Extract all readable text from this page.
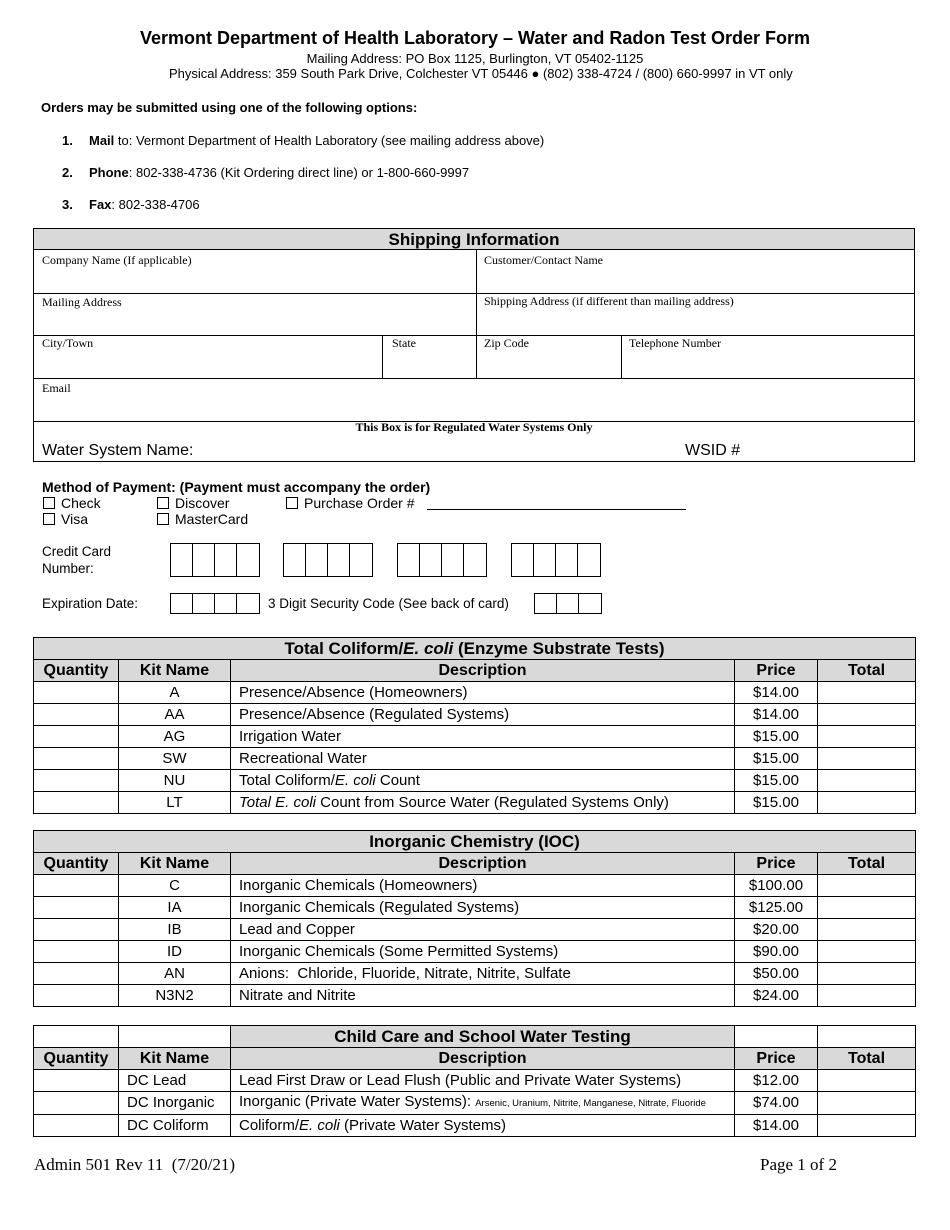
Vermont Department of Health Laboratory – Water and Radon Test Order Form
Mailing Address: PO Box 1125, Burlington, VT 05402-1125
Physical Address: 359 South Park Drive, Colchester VT 05446 ● (802) 338-4724 / (800) 660-9997 in VT only
Orders may be submitted using one of the following options:
1. Mail to: Vermont Department of Health Laboratory (see mailing address above)
2. Phone: 802-338-4736 (Kit Ordering direct line) or 1-800-660-9997
3. Fax: 802-338-4706
Shipping Information
Company Name (If applicable)	Customer/Contact Name
Mailing Address	Shipping Address (if different than mailing address)
City/Town	State	Zip Code	Telephone Number
Email
This Box is for Regulated Water Systems Only
Water System Name:	WSID #
Method of Payment: (Payment must accompany the order)
Check	Discover	Purchase Order #
Visa	MasterCard
Credit Card
Number:
Expiration Date:	3 Digit Security Code (See back of card)
Total Coliform/E. coli (Enzyme Substrate Tests)				
Quantity	Kit Name	Description	Price	Total
	A	Presence/Absence (Homeowners)	$14.00	
	AA	Presence/Absence (Regulated Systems)	$14.00	
	AG	Irrigation Water	$15.00	
	SW	Recreational Water	$15.00	
	NU	Total Coliform/E. coli Count	$15.00	
	LT	Total E. coli Count from Source Water (Regulated Systems Only)	$15.00	
Inorganic Chemistry (IOC)				
Quantity	Kit Name	Description	Price	Total
	C	Inorganic Chemicals (Homeowners)	$100.00	
	IA	Inorganic Chemicals (Regulated Systems)	$125.00	
	IB	Lead and Copper	$20.00	
	ID	Inorganic Chemicals (Some Permitted Systems)	$90.00	
	AN	Anions:  Chloride, Fluoride, Nitrate, Nitrite, Sulfate	$50.00	
	N3N2	Nitrate and Nitrite	$24.00	
		Child Care and School Water Testing		
Quantity	Kit Name	Description	Price	Total
	DC Lead	Lead First Draw or Lead Flush (Public and Private Water Systems)	$12.00	
	DC Inorganic	Inorganic (Private Water Systems): Arsenic, Uranium, Nitrite, Manganese, Nitrate, Fluoride	$74.00	
	DC Coliform	Coliform/E. coli (Private Water Systems)	$14.00	
Admin 501 Rev 11  (7/20/21)	Page 1 of 2
